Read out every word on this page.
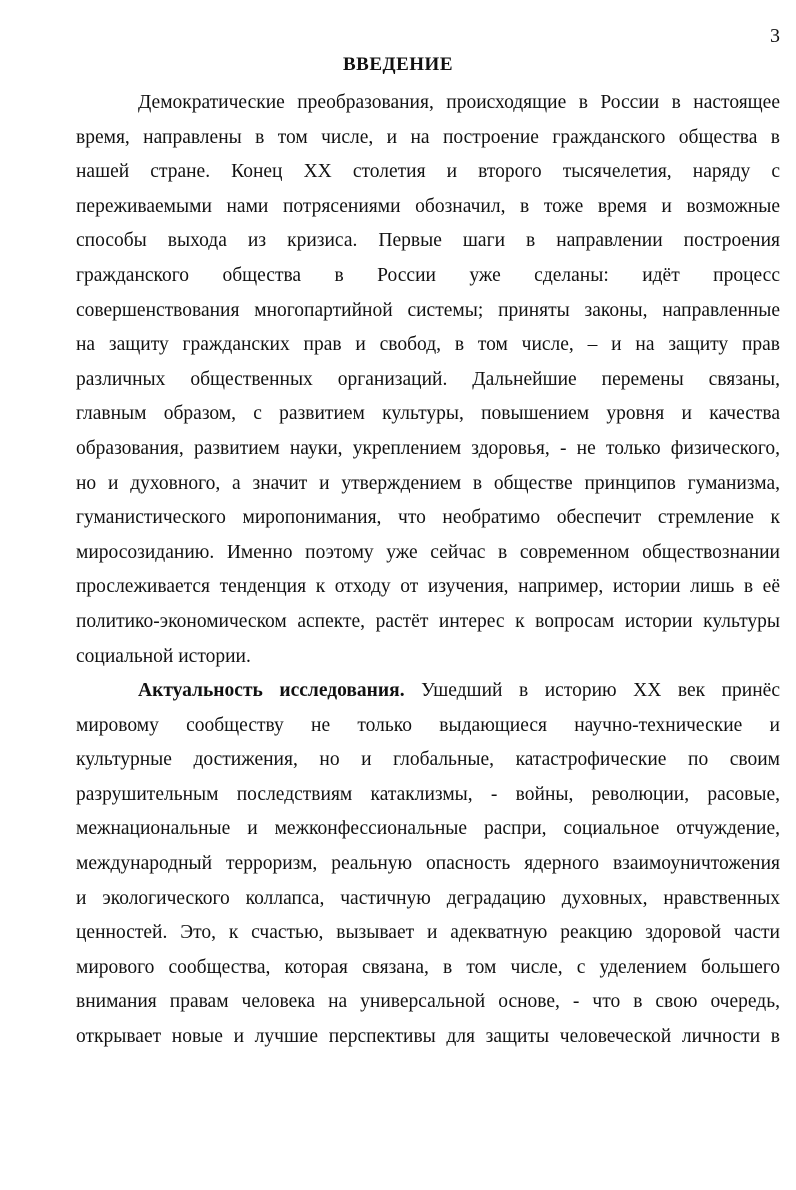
3
ВВЕДЕНИЕ
Демократические преобразования, происходящие в России в настоящее
время, направлены в том числе, и на построение гражданского общества в
нашей стране. Конец XX столетия и второго тысячелетия, наряду с
переживаемыми нами потрясениями обозначил, в тоже время и возможные
способы выхода из кризиса. Первые шаги в направлении построения
гражданского общества в России уже сделаны: идёт процесс
совершенствования многопартийной системы; приняты законы, направленные
на защиту гражданских прав и свобод, в том числе, – и на защиту прав
различных общественных организаций. Дальнейшие перемены связаны,
главным образом, с развитием культуры, повышением уровня и качества
образования, развитием науки, укреплением здоровья, - не только физического,
но и духовного, а значит и утверждением в обществе принципов гуманизма,
гуманистического миропонимания, что необратимо обеспечит стремление к
миросозиданию. Именно поэтому уже сейчас в современном обществознании
прослеживается тенденция к отходу от изучения, например, истории лишь в её
политико-экономическом аспекте, растёт интерес к вопросам истории культуры
социальной истории.
Актуальность исследования. Ушедший в историю XX век принёс
мировому сообществу не только выдающиеся научно-технические и
культурные достижения, но и глобальные, катастрофические по своим
разрушительным последствиям катаклизмы, - войны, революции, расовые,
межнациональные и межконфессиональные распри, социальное отчуждение,
международный терроризм, реальную опасность ядерного взаимоуничтожения
и экологического коллапса, частичную деградацию духовных, нравственных
ценностей. Это, к счастью, вызывает и адекватную реакцию здоровой части
мирового сообщества, которая связана, в том числе, с уделением большего
внимания правам человека на универсальной основе, - что в свою очередь,
открывает новые и лучшие перспективы для защиты человеческой личности в
